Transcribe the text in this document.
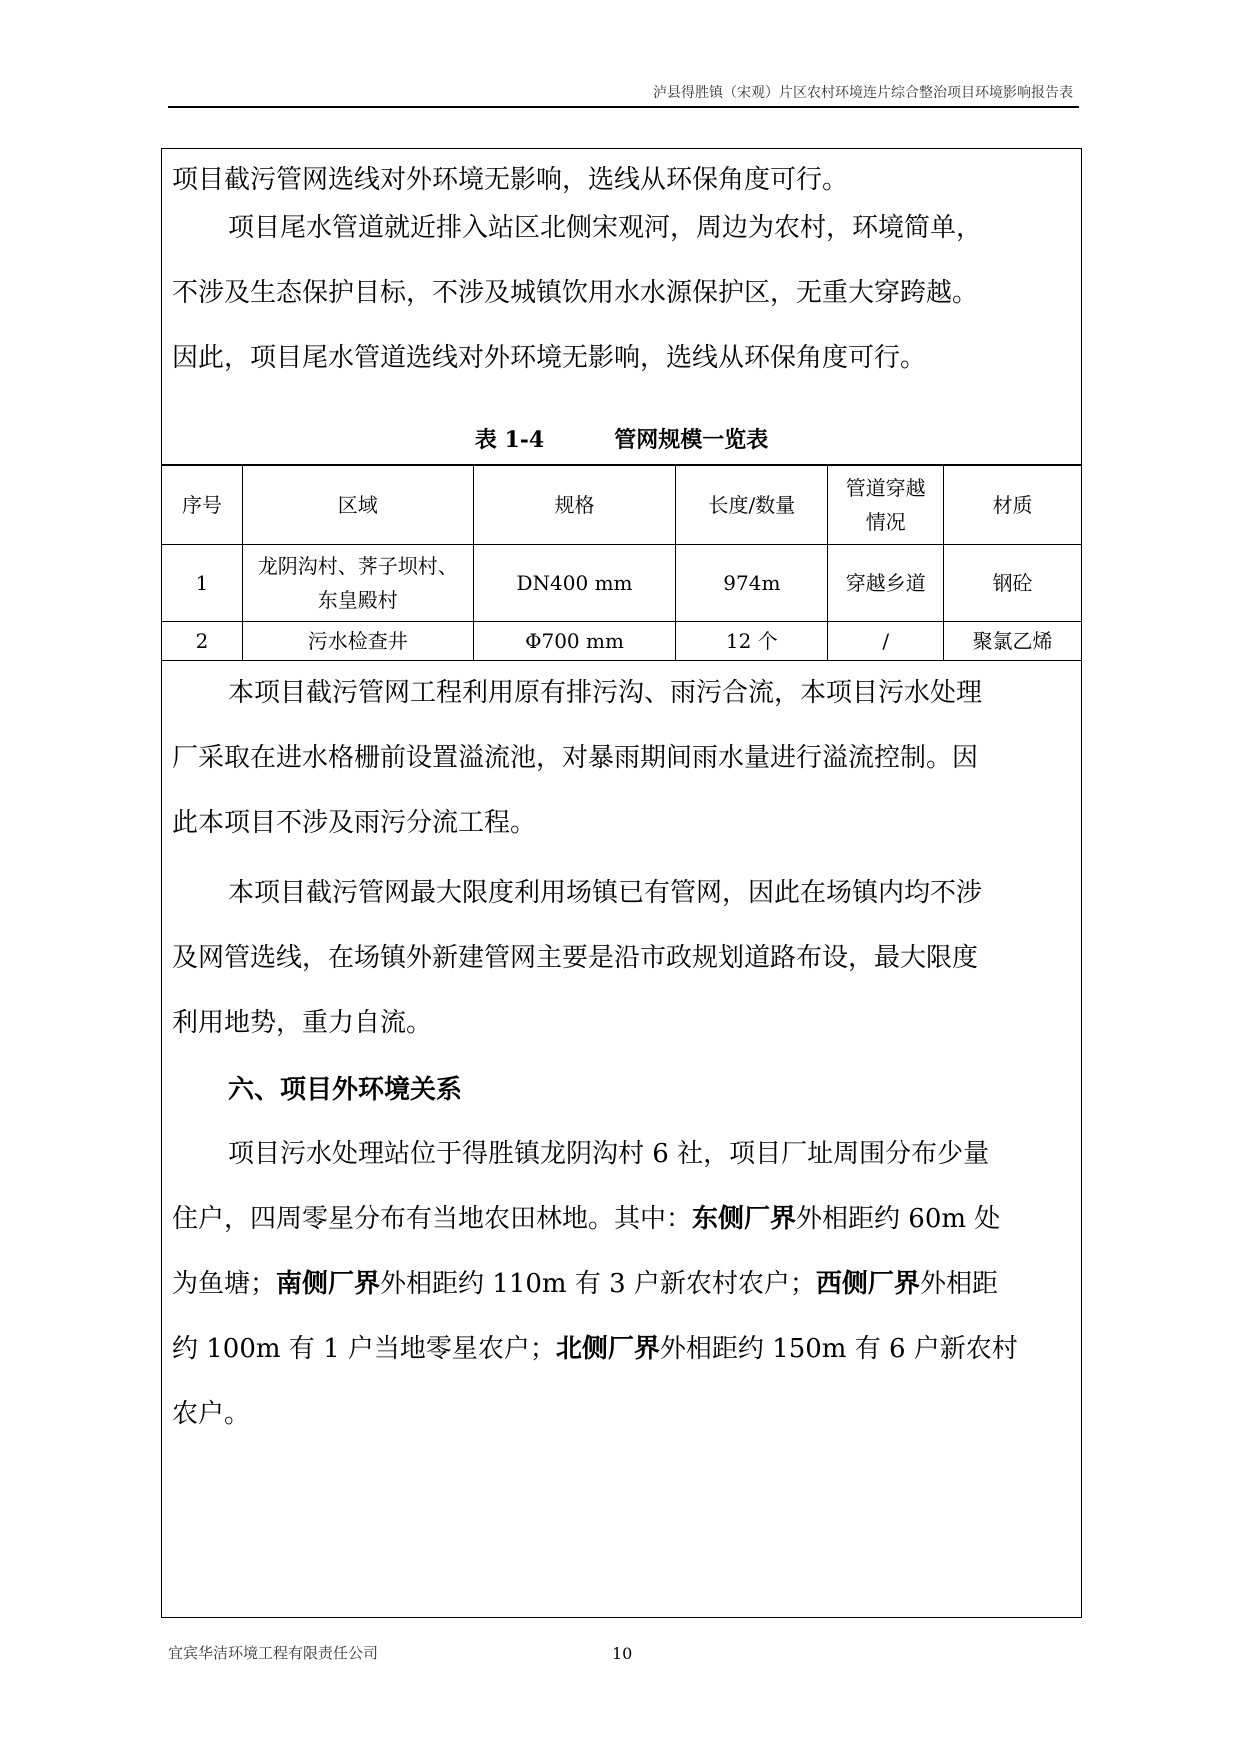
泸县得胜镇（宋观）片区农村环境连片综合整治项目环境影响报告表

项目截污管网选线对外环境无影响，选线从环保角度可行。

项目尾水管道就近排入站区北侧宋观河，周边为农村，环境简单，
不涉及生态保护目标，不涉及城镇饮用水水源保护区，无重大穿跨越。
因此，项目尾水管道选线对外环境无影响，选线从环保角度可行。

表 1-4	管网规模一览表
序号	区域	规格	长度/数量	管道穿越
情况	材质
1	龙阴沟村、荠子坝村、
东皇殿村	DN400 mm	974m	穿越乡道	钢砼
2	污水检查井	Φ700 mm	12 个	/	聚氯乙烯

本项目截污管网工程利用原有排污沟、雨污合流，本项目污水处理
厂采取在进水格栅前设置溢流池，对暴雨期间雨水量进行溢流控制。因
此本项目不涉及雨污分流工程。

本项目截污管网最大限度利用场镇已有管网，因此在场镇内均不涉
及网管选线，在场镇外新建管网主要是沿市政规划道路布设，最大限度
利用地势，重力自流。

六、项目外环境关系

项目污水处理站位于得胜镇龙阴沟村 6 社，项目厂址周围分布少量
住户，四周零星分布有当地农田林地。其中：东侧厂界外相距约 60m 处
为鱼塘；南侧厂界外相距约 110m 有 3 户新农村农户；西侧厂界外相距
约 100m 有 1 户当地零星农户；北侧厂界外相距约 150m 有 6 户新农村
农户。

宜宾华洁环境工程有限责任公司	10
